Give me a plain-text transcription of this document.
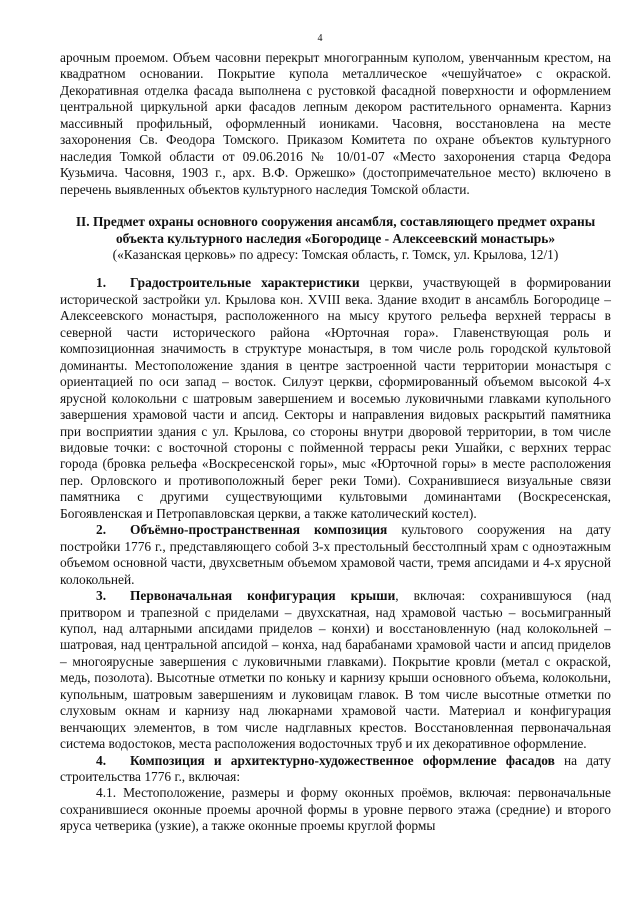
4

арочным проемом. Объем часовни перекрыт многогранным куполом, увенчанным крестом, на квадратном основании. Покрытие купола металлическое «чешуйчатое» с окраской. Декоративная отделка фасада выполнена с рустовкой фасадной поверхности и оформлением центральной циркульной арки фасадов лепным декором растительного орнамента. Карниз массивный профильный, оформленный иониками. Часовня, восстановлена на месте захоронения Св. Феодора Томского. Приказом Комитета по охране объектов культурного наследия Томкой области от 09.06.2016 № 10/01-07 «Место захоронения старца Федора Кузьмича. Часовня, 1903 г., арх. В.Ф. Оржешко» (достопримечательное место) включено в перечень выявленных объектов культурного наследия Томской области.

II. Предмет охраны основного сооружения ансамбля, составляющего предмет охраны объекта культурного наследия «Богородице - Алексеевский монастырь»

(«Казанская церковь» по адресу: Томская область, г. Томск, ул. Крылова, 12/1)

1. Градостроительные характеристики церкви, участвующей в формировании исторической застройки ул. Крылова кон. XVIII века. Здание входит в ансамбль Богородице – Алексеевского монастыря, расположенного на мысу крутого рельефа верхней террасы в северной части исторического района «Юрточная гора». Главенствующая роль и композиционная значимость в структуре монастыря, в том числе роль городской культовой доминанты. Местоположение здания в центре застроенной части территории монастыря с ориентацией по оси запад – восток. Силуэт церкви, сформированный объемом высокой 4-х ярусной колокольни с шатровым завершением и восемью луковичными главками купольного завершения храмовой части и апсид. Секторы и направления видовых раскрытий памятника при восприятии здания с ул. Крылова, со стороны внутри дворовой территории, в том числе видовые точки: с восточной стороны с пойменной террасы реки Ушайки, с верхних террас города (бровка рельефа «Воскресенской горы», мыс «Юрточной горы» в месте расположения пер. Орловского и противоположный берег реки Томи). Сохранившиеся визуальные связи памятника с другими существующими культовыми доминантами (Воскресенская, Богоявленская и Петропавловская церкви, а также католический костел).

2. Объёмно-пространственная композиция культового сооружения на дату постройки 1776 г., представляющего собой 3-х престольный бесстолпный храм с одноэтажным объемом основной части, двухсветным объемом храмовой части, тремя апсидами и 4-х ярусной колокольней.

3. Первоначальная конфигурация крыши, включая: сохранившуюся (над притвором и трапезной с приделами – двухскатная, над храмовой частью – восьмигранный купол, над алтарными апсидами приделов – конхи) и восстановленную (над колокольней – шатровая, над центральной апсидой – конха, над барабанами храмовой части и апсид приделов – многоярусные завершения с луковичными главками). Покрытие кровли (метал с окраской, медь, позолота). Высотные отметки по коньку и карнизу крыши основного объема, колокольни, купольным, шатровым завершениям и луковицам главок. В том числе высотные отметки по слуховым окнам и карнизу над люкарнами храмовой части. Материал и конфигурация венчающих элементов, в том числе надглавных крестов. Восстановленная первоначальная система водостоков, места расположения водосточных труб и их декоративное оформление.

4. Композиция и архитектурно-художественное оформление фасадов на дату строительства 1776 г., включая:

4.1. Местоположение, размеры и форму оконных проёмов, включая: первоначальные сохранившиеся оконные проемы арочной формы в уровне первого этажа (средние) и второго яруса четверика (узкие), а также оконные проемы круглой формы
